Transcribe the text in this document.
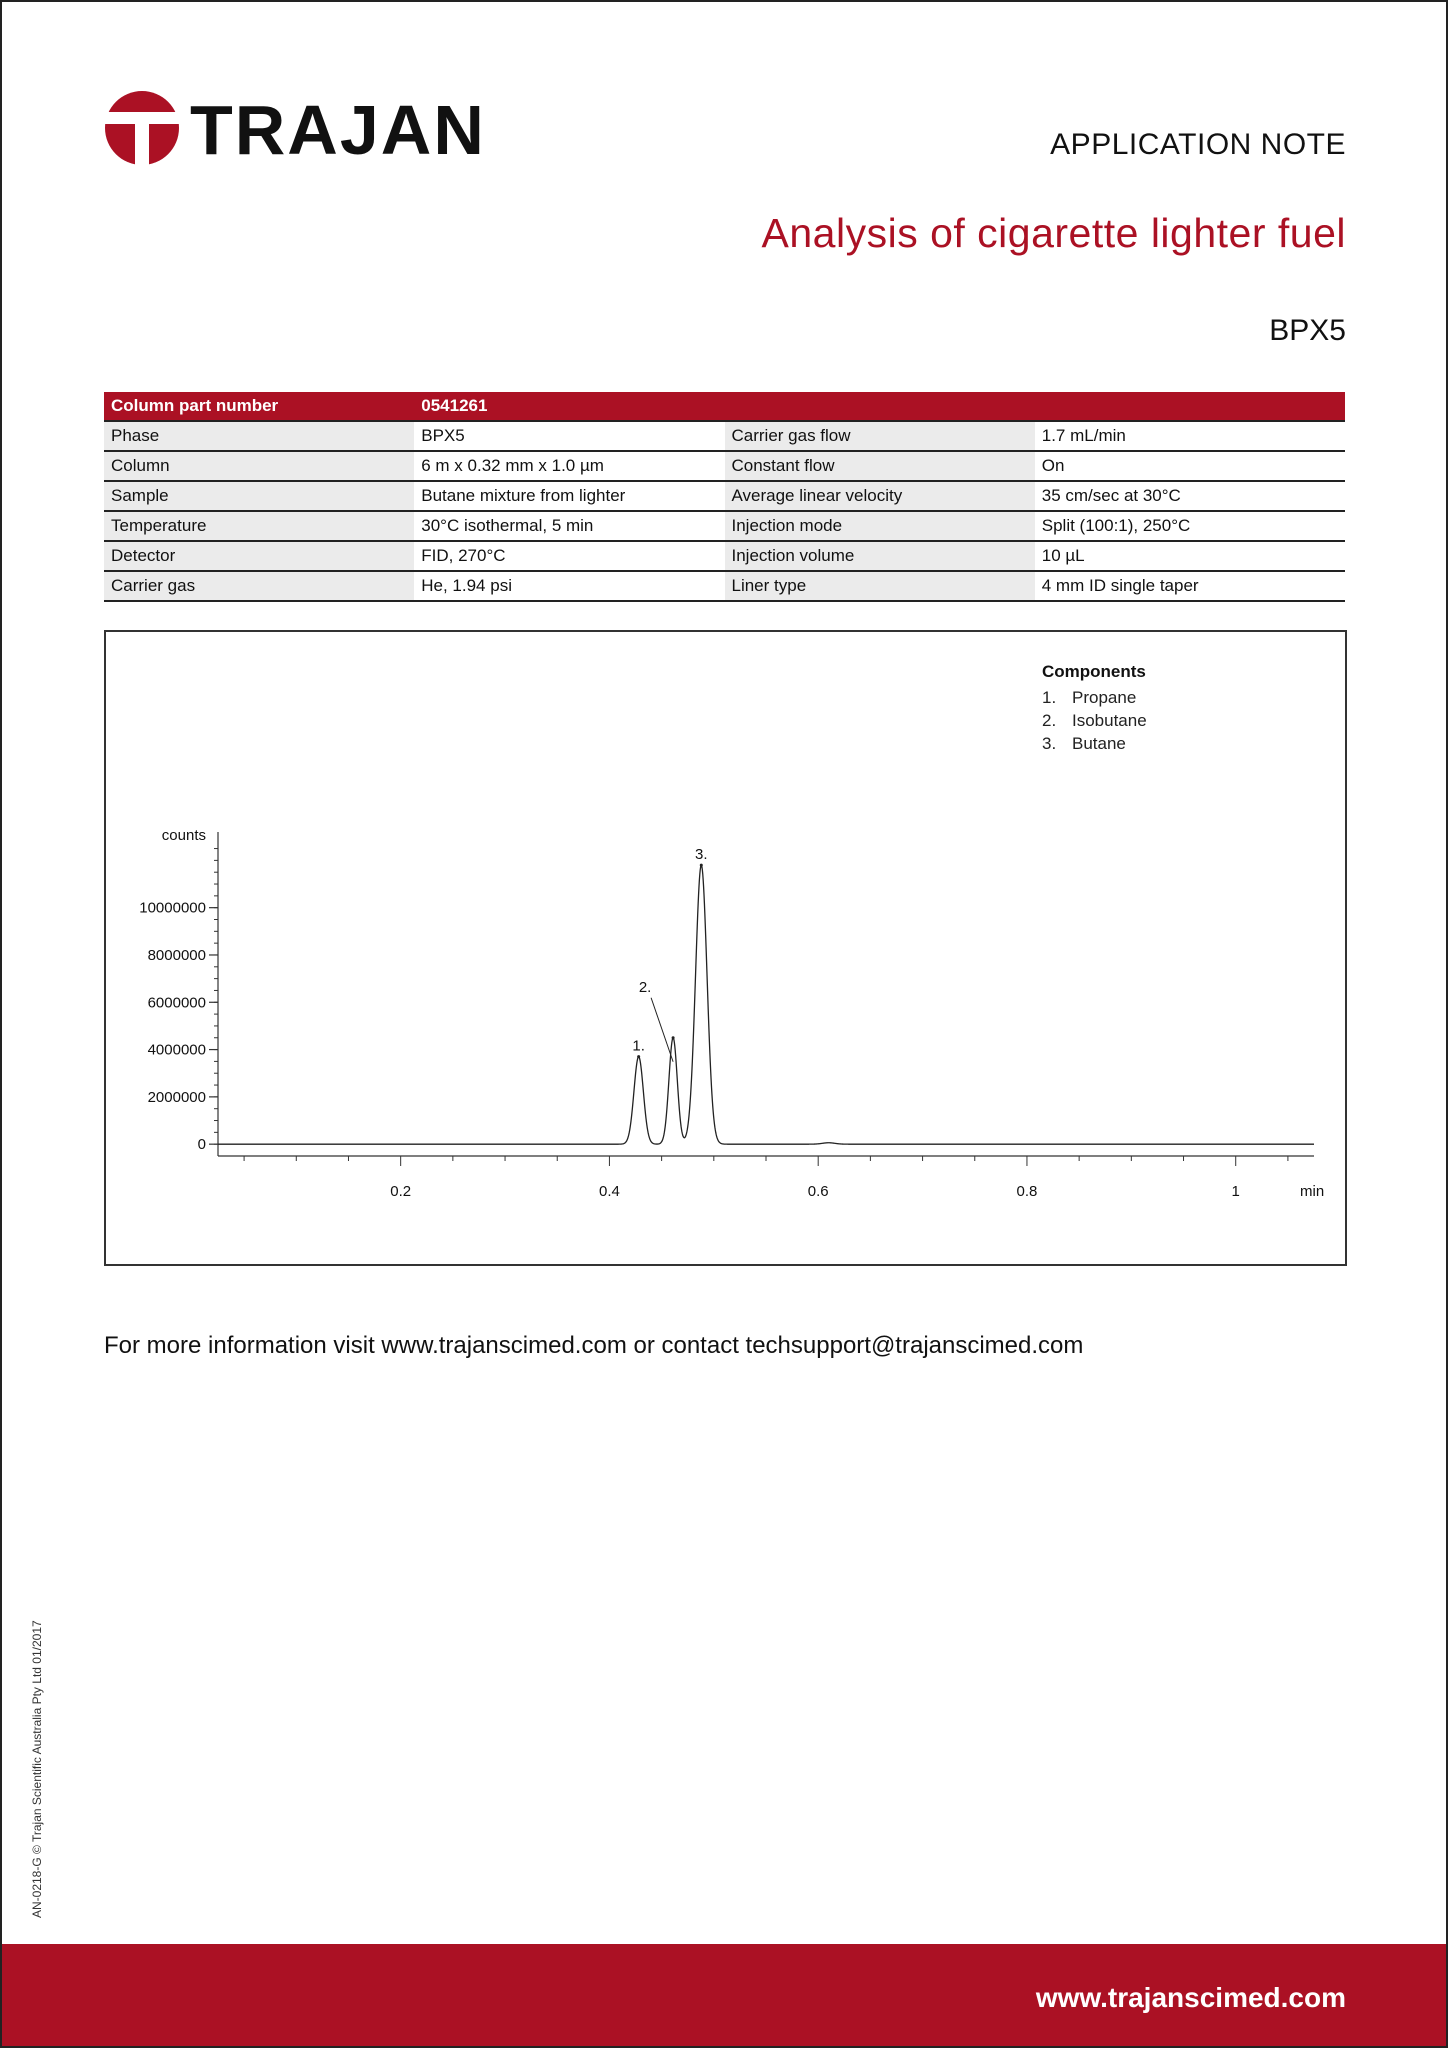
TRAJAN	APPLICATION NOTE
Analysis of cigarette lighter fuel
BPX5
Column part number	0541261		
Phase	BPX5	Carrier gas flow	1.7 mL/min
Column	6 m x 0.32 mm x 1.0 µm	Constant flow	On
Sample	Butane mixture from lighter	Average linear velocity	35 cm/sec at 30°C
Temperature	30°C isothermal, 5 min	Injection mode	Split (100:1), 250°C
Detector	FID, 270°C	Injection volume	10 µL
Carrier gas	He, 1.94 psi	Liner type	4 mm ID single taper
0
2000000
4000000
6000000
8000000
10000000
counts
0.2	0.4	0.6	0.8	1	min
1.
2.
3.
Components
1. Propane
2. Isobutane
3. Butane
For more information visit www.trajanscimed.com or contact techsupport@trajanscimed.com
AN-0218-G © Trajan Scientific Australia Pty Ltd 01/2017
www.trajanscimed.com
